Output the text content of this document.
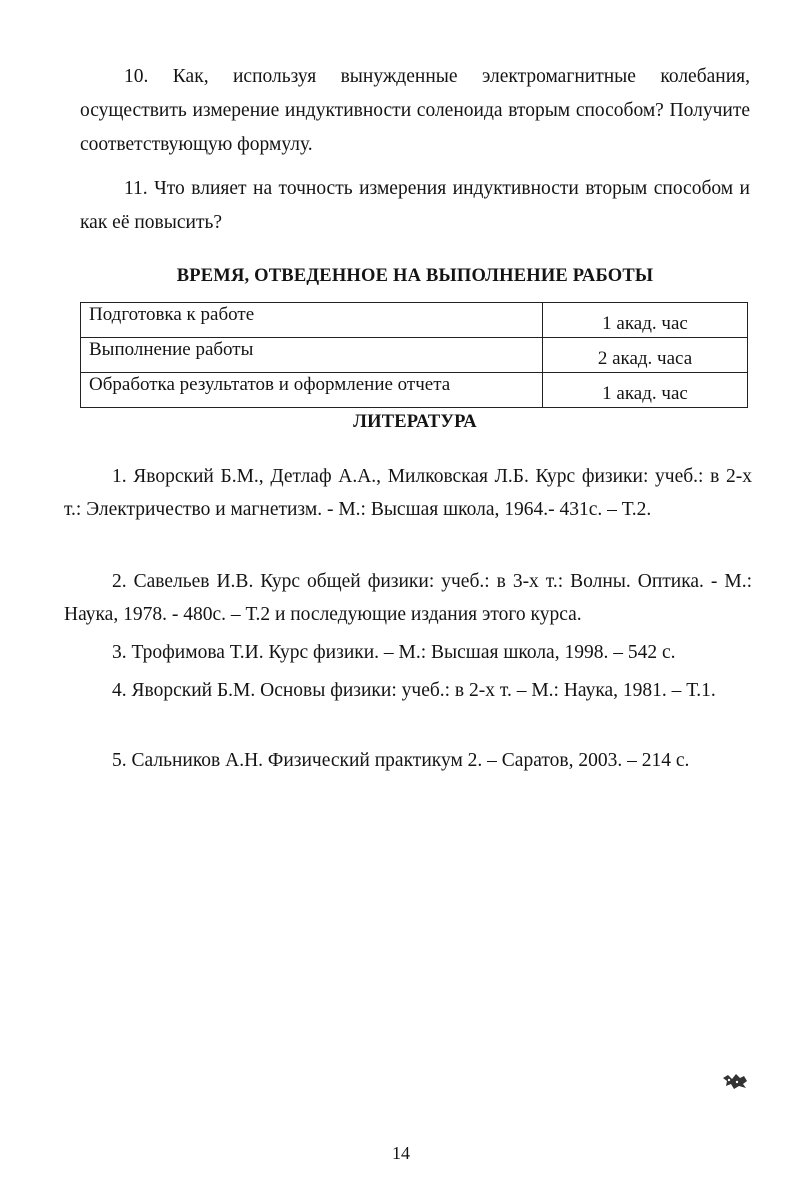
10. Как, используя вынужденные электромагнитные колебания, осуществить измерение индуктивности соленоида вторым способом? Получите соответствующую формулу.

11. Что влияет на точность измерения индуктивности вторым способом и как её повысить?

ВРЕМЯ, ОТВЕДЕННОЕ НА ВЫПОЛНЕНИЕ РАБОТЫ

Подготовка к работе	1 акад. час
Выполнение работы	2 акад. часа
Обработка результатов и оформление отчета	1 акад. час

ЛИТЕРАТУРА

1. Яворский Б.М., Детлаф А.А., Милковская Л.Б. Курс физики: учеб.: в 2-х т.: Электричество и магнетизм. - М.: Высшая школа, 1964.- 431с. – Т.2.

2. Савельев И.В. Курс общей физики: учеб.: в 3-х т.: Волны. Оптика. - М.: Наука, 1978. - 480с. – Т.2 и последующие издания этого курса.

3. Трофимова Т.И. Курс физики. – М.: Высшая школа, 1998. – 542 с.

4. Яворский Б.М. Основы физики: учеб.: в 2-х т. – М.: Наука, 1981. – Т.1.

5. Сальников А.Н. Физический практикум 2. – Саратов, 2003. – 214 с.

14
